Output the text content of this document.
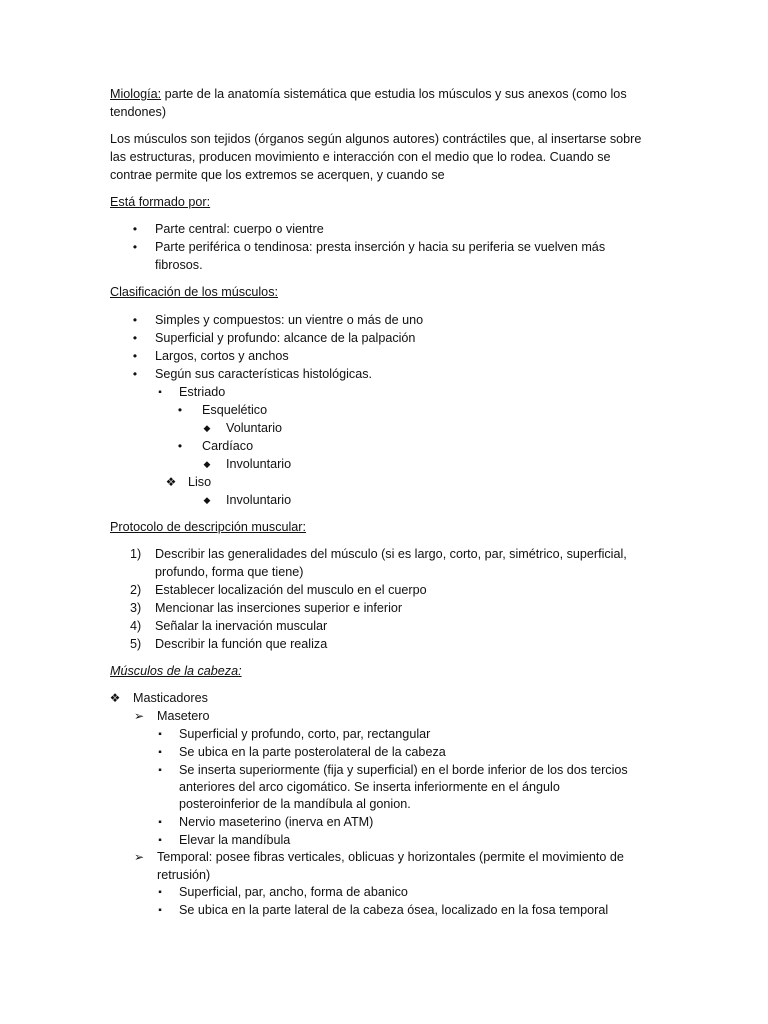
Miología: parte de la anatomía sistemática que estudia los músculos y sus anexos (como los
tendones)
Los músculos son tejidos (órganos según algunos autores) contráctiles que, al insertarse sobre
las estructuras, producen movimiento e interacción con el medio que lo rodea. Cuando se
contrae permite que los extremos se acerquen, y cuando se
Está formado por:
•	Parte central: cuerpo o vientre
•	Parte periférica o tendinosa: presta inserción y hacia su periferia se vuelven más
fibrosos.
Clasificación de los músculos:
•	Simples y compuestos: un vientre o más de uno
•	Superficial y profundo: alcance de la palpación
•	Largos, cortos y anchos
•	Según sus características histológicas.
▪	Estriado
•	Esquelético
◆ Voluntario
•	Cardíaco
◆ Involuntario
❖ Liso
◆ Involuntario
Protocolo de descripción muscular:
1) Describir las generalidades del músculo (si es largo, corto, par, simétrico, superficial,
profundo, forma que tiene)
2) Establecer localización del musculo en el cuerpo
3) Mencionar las inserciones superior e inferior
4) Señalar la inervación muscular
5) Describir la función que realiza
Músculos de la cabeza:
❖ Masticadores
➢ Masetero
▪	Superficial y profundo, corto, par, rectangular
▪	Se ubica en la parte posterolateral de la cabeza
▪	Se inserta superiormente (fija y superficial) en el borde inferior de los dos tercios
anteriores del arco cigomático. Se inserta inferiormente en el ángulo
posteroinferior de la mandíbula al gonion.
▪	Nervio maseterino (inerva en ATM)
▪	Elevar la mandíbula
➢ Temporal: posee fibras verticales, oblicuas y horizontales (permite el movimiento de
retrusión)
▪	Superficial, par, ancho, forma de abanico
▪	Se ubica en la parte lateral de la cabeza ósea, localizado en la fosa temporal
